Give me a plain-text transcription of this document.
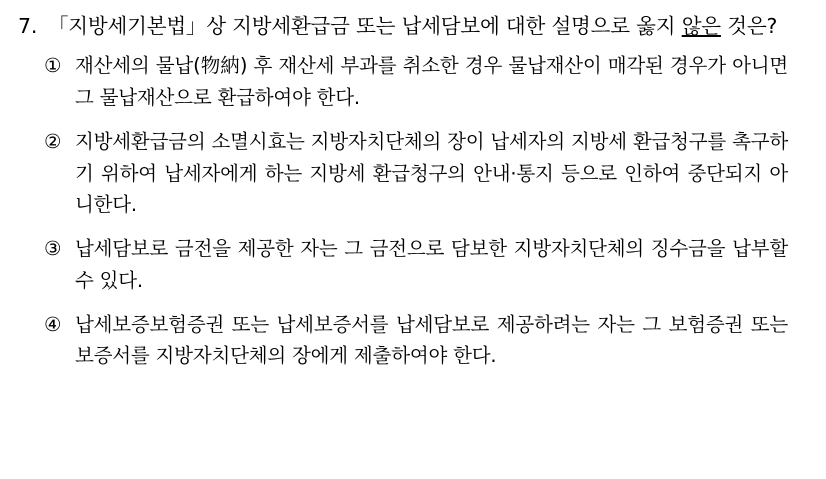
7. 「지방세기본법」상 지방세환급금 또는 납세담보에 대한 설명으로 옳지 않은 것은?
① 재산세의 물납(物納) 후 재산세 부과를 취소한 경우 물납재산이 매각된 경우가 아니면 그 물납재산으로 환급하여야 한다.
② 지방세환급금의 소멸시효는 지방자치단체의 장이 납세자의 지방세 환급청구를 촉구하기 위하여 납세자에게 하는 지방세 환급청구의 안내·통지 등으로 인하여 중단되지 아니한다.
③ 납세담보로 금전을 제공한 자는 그 금전으로 담보한 지방자치단체의 징수금을 납부할 수 있다.
④ 납세보증보험증권 또는 납세보증서를 납세담보로 제공하려는 자는 그 보험증권 또는 보증서를 지방자치단체의 장에게 제출하여야 한다.
